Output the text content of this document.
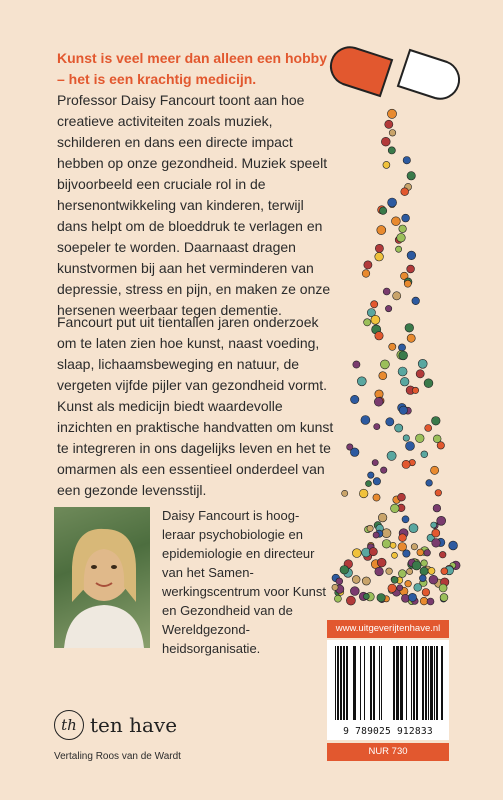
Kunst is veel meer dan alleen een hobby – het is een krachtig medicijn.

Professor Daisy Fancourt toont aan hoe creatieve activiteiten zoals muziek, schilderen en dans een directe impact hebben op onze gezondheid. Muziek speelt bijvoorbeeld een cruciale rol in de hersenontwikkeling van kinderen, terwijl dans helpt om de bloeddruk te verlagen en soepeler te worden. Daarnaast dragen kunstvormen bij aan het verminderen van depressie, stress en pijn, en maken ze onze hersenen weerbaar tegen dementie.

Fancourt put uit tientallen jaren onderzoek om te laten zien hoe kunst, naast voeding, slaap, lichaamsbeweging en natuur, de vergeten vijfde pijler van gezondheid vormt. Kunst als medicijn biedt waardevolle inzichten en praktische handvatten om kunst te integreren in ons dagelijks leven en het te omarmen als een essentieel onderdeel van een gezonde levensstijl.

Daisy Fancourt is hoog-leraar psychobiologie en epidemiologie en directeur van het Samen-werkingscentrum voor Kunst en Gezondheid van de Wereldgezond-heidsorganisatie.

th ten have
Vertaling Roos van de Wardt
www.uitgeverijtenhave.nl
9 789025 912833
NUR 730
